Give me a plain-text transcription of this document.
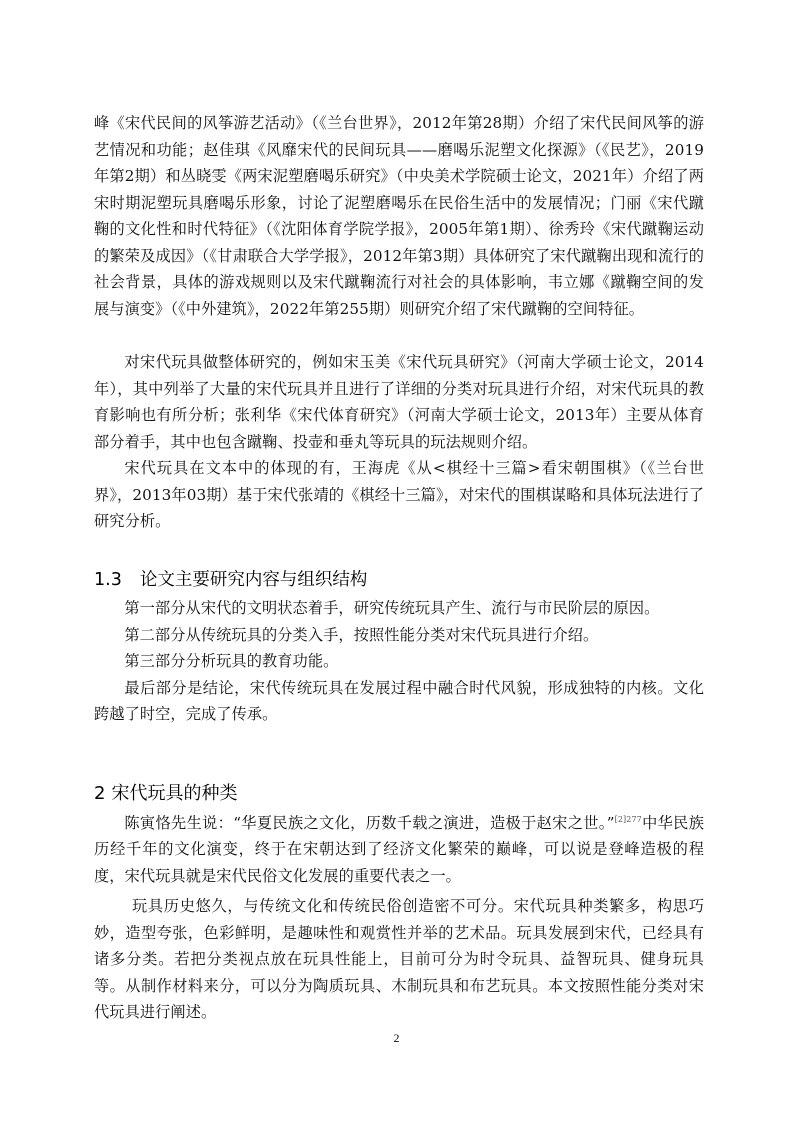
峰《宋代民间的风筝游艺活动》（《兰台世界》，2012年第28期）介绍了宋代民间风筝的游艺情况和功能；赵佳琪《风靡宋代的民间玩具——磨喝乐泥塑文化探源》（《民艺》，2019年第2期）和丛晓雯《两宋泥塑磨喝乐研究》（中央美术学院硕士论文，2021年）介绍了两宋时期泥塑玩具磨喝乐形象，讨论了泥塑磨喝乐在民俗生活中的发展情况；门丽《宋代蹴鞠的文化性和时代特征》（《沈阳体育学院学报》，2005年第1期）、徐秀玲《宋代蹴鞠运动的繁荣及成因》（《甘肃联合大学学报》，2012年第3期）具体研究了宋代蹴鞠出现和流行的社会背景，具体的游戏规则以及宋代蹴鞠流行对社会的具体影响，韦立娜《蹴鞠空间的发展与演变》（《中外建筑》，2022年第255期）则研究介绍了宋代蹴鞠的空间特征。

对宋代玩具做整体研究的，例如宋玉美《宋代玩具研究》（河南大学硕士论文，2014年），其中列举了大量的宋代玩具并且进行了详细的分类对玩具进行介绍，对宋代玩具的教育影响也有所分析；张利华《宋代体育研究》（河南大学硕士论文，2013年）主要从体育部分着手，其中也包含蹴鞠、投壶和垂丸等玩具的玩法规则介绍。

宋代玩具在文本中的体现的有，王海虎《从<棋经十三篇>看宋朝围棋》（《兰台世界》，2013年03期）基于宋代张靖的《棋经十三篇》，对宋代的围棋谋略和具体玩法进行了研究分析。

1.3 论文主要研究内容与组织结构

第一部分从宋代的文明状态着手，研究传统玩具产生、流行与市民阶层的原因。

第二部分从传统玩具的分类入手，按照性能分类对宋代玩具进行介绍。

第三部分分析玩具的教育功能。

最后部分是结论，宋代传统玩具在发展过程中融合时代风貌，形成独特的内核。文化跨越了时空，完成了传承。

2 宋代玩具的种类

陈寅恪先生说：“华夏民族之文化，历数千载之演进，造极于赵宋之世。”$^{[2]277}$中华民族历经千年的文化演变，终于在宋朝达到了经济文化繁荣的巅峰，可以说是登峰造极的程度，宋代玩具就是宋代民俗文化发展的重要代表之一。

玩具历史悠久，与传统文化和传统民俗创造密不可分。宋代玩具种类繁多，构思巧妙，造型夸张，色彩鲜明，是趣味性和观赏性并举的艺术品。玩具发展到宋代，已经具有诸多分类。若把分类视点放在玩具性能上，目前可分为时令玩具、益智玩具、健身玩具等。从制作材料来分，可以分为陶质玩具、木制玩具和布艺玩具。本文按照性能分类对宋代玩具进行阐述。

2
